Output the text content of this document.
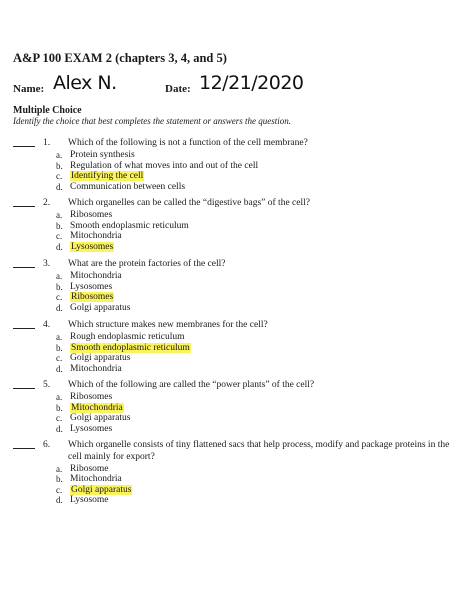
A&P 100 EXAM 2 (chapters 3, 4, and 5)
Name: Alex N.	Date: 12/21/2020
Multiple Choice
Identify the choice that best completes the statement or answers the question.
1. Which of the following is not a function of the cell membrane?
a. Protein synthesis
b. Regulation of what moves into and out of the cell
c. Identifying the cell
d. Communication between cells
2. Which organelles can be called the “digestive bags” of the cell?
a. Ribosomes
b. Smooth endoplasmic reticulum
c. Mitochondria
d. Lysosomes
3. What are the protein factories of the cell?
a. Mitochondria
b. Lysosomes
c. Ribosomes
d. Golgi apparatus
4. Which structure makes new membranes for the cell?
a. Rough endoplasmic reticulum
b. Smooth endoplasmic reticulum
c. Golgi apparatus
d. Mitochondria
5. Which of the following are called the “power plants” of the cell?
a. Ribosomes
b. Mitochondria
c. Golgi apparatus
d. Lysosomes
6. Which organelle consists of tiny flattened sacs that help process, modify and package proteins in the cell mainly for export?
a. Ribosome
b. Mitochondria
c. Golgi apparatus
d. Lysosome
